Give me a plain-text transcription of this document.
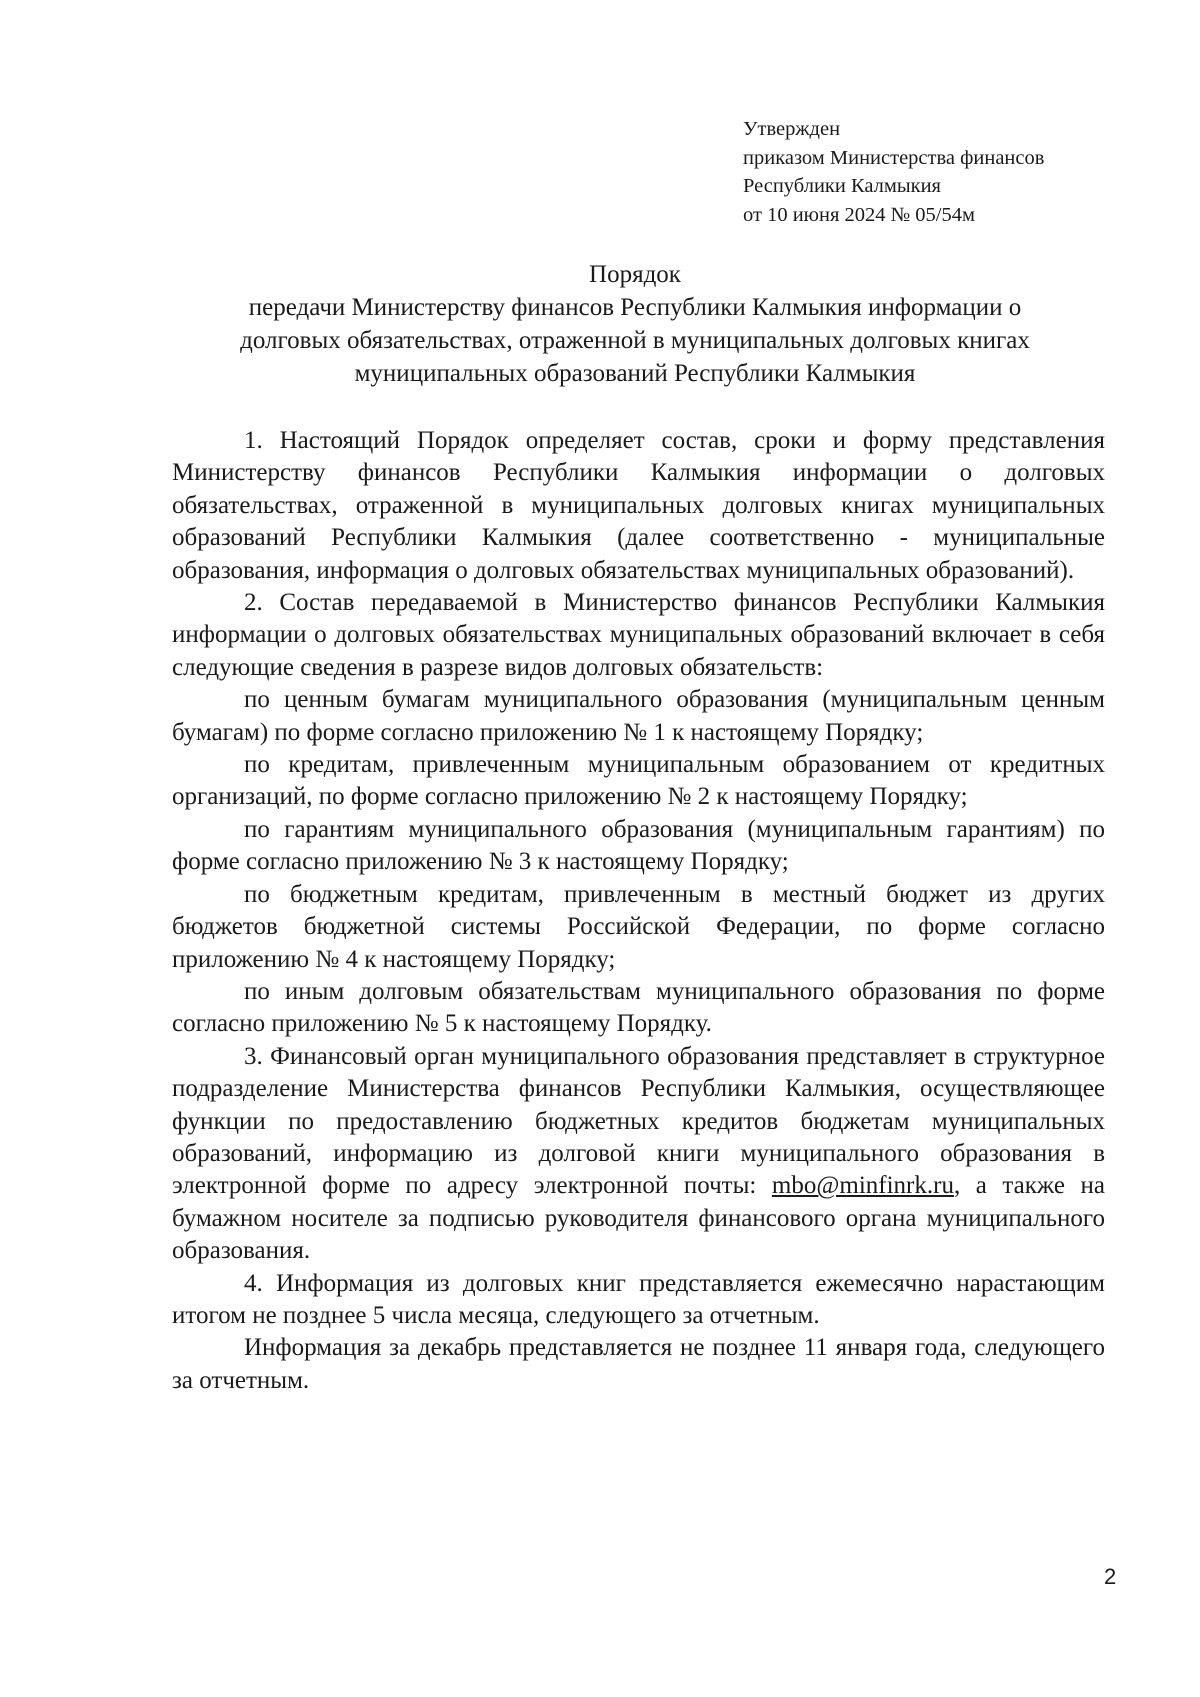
Утвержден
приказом Министерства финансов
Республики Калмыкия
от 10 июня 2024 № 05/54м
Порядок
передачи Министерству финансов Республики Калмыкия информации о
долговых обязательствах, отраженной в муниципальных долговых книгах
муниципальных образований Республики Калмыкия

1. Настоящий Порядок определяет состав, сроки и форму представления Министерству финансов Республики Калмыкия информации о долговых обязательствах, отраженной в муниципальных долговых книгах муниципальных образований Республики Калмыкия (далее соответственно - муниципальные образования, информация о долговых обязательствах муниципальных образований).

2. Состав передаваемой в Министерство финансов Республики Калмыкия информации о долговых обязательствах муниципальных образований включает в себя следующие сведения в разрезе видов долговых обязательств:

по ценным бумагам муниципального образования (муниципальным ценным бумагам) по форме согласно приложению № 1 к настоящему Порядку;

по кредитам, привлеченным муниципальным образованием от кредитных организаций, по форме согласно приложению № 2 к настоящему Порядку;

по гарантиям муниципального образования (муниципальным гарантиям) по форме согласно приложению № 3 к настоящему Порядку;

по бюджетным кредитам, привлеченным в местный бюджет из других бюджетов бюджетной системы Российской Федерации, по форме согласно приложению № 4 к настоящему Порядку;

по иным долговым обязательствам муниципального образования по форме согласно приложению № 5 к настоящему Порядку.

3. Финансовый орган муниципального образования представляет в структурное подразделение Министерства финансов Республики Калмыкия, осуществляющее функции по предоставлению бюджетных кредитов бюджетам муниципальных образований, информацию из долговой книги муниципального образования в электронной форме по адресу электронной почты: mbo@minfinrk.ru, а также на бумажном носителе за подписью руководителя финансового органа муниципального образования.

4. Информация из долговых книг представляется ежемесячно нарастающим итогом не позднее 5 числа месяца, следующего за отчетным.

Информация за декабрь представляется не позднее 11 января года, следующего за отчетным.

2
